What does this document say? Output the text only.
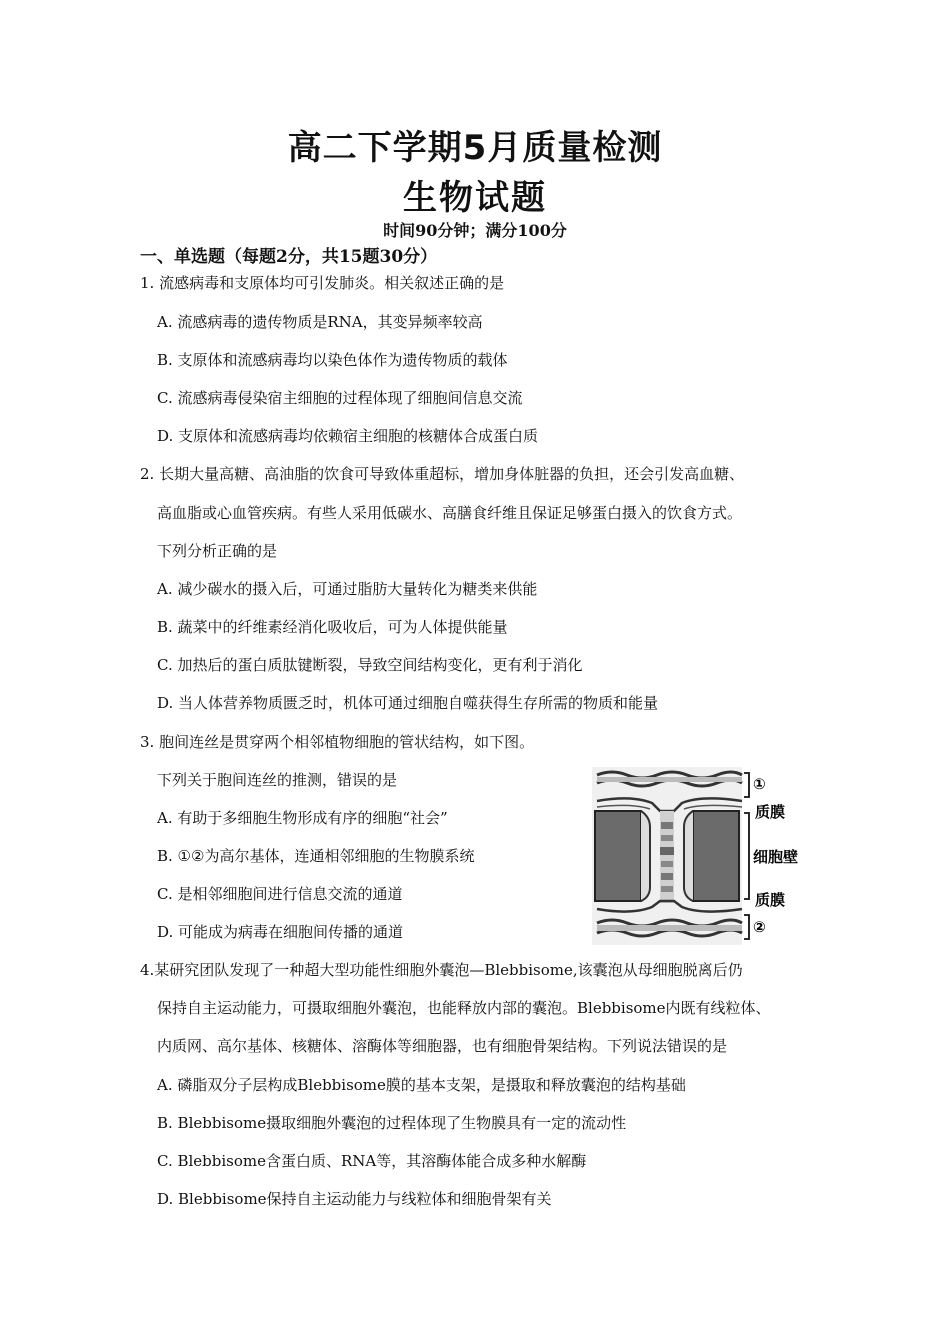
高二下学期5月质量检测
生物试题
时间90分钟；满分100分
一、单选题（每题2分，共15题30分）
1. 流感病毒和支原体均可引发肺炎。相关叙述正确的是
A. 流感病毒的遗传物质是RNA，其变异频率较高
B. 支原体和流感病毒均以染色体作为遗传物质的载体
C. 流感病毒侵染宿主细胞的过程体现了细胞间信息交流
D. 支原体和流感病毒均依赖宿主细胞的核糖体合成蛋白质
2. 长期大量高糖、高油脂的饮食可导致体重超标，增加身体脏器的负担，还会引发高血糖、
高血脂或心血管疾病。有些人采用低碳水、高膳食纤维且保证足够蛋白摄入的饮食方式。
下列分析正确的是
A. 减少碳水的摄入后，可通过脂肪大量转化为糖类来供能
B. 蔬菜中的纤维素经消化吸收后，可为人体提供能量
C. 加热后的蛋白质肽键断裂，导致空间结构变化，更有利于消化
D. 当人体营养物质匮乏时，机体可通过细胞自噬获得生存所需的物质和能量
3. 胞间连丝是贯穿两个相邻植物细胞的管状结构，如下图。
下列关于胞间连丝的推测，错误的是
A. 有助于多细胞生物形成有序的细胞“社会”
B. ①②为高尔基体，连通相邻细胞的生物膜系统
C. 是相邻细胞间进行信息交流的通道
D. 可能成为病毒在细胞间传播的通道
①
质膜
细胞壁
质膜
②
4.某研究团队发现了一种超大型功能性细胞外囊泡—Blebbisome,该囊泡从母细胞脱离后仍
保持自主运动能力，可摄取细胞外囊泡，也能释放内部的囊泡。Blebbisome内既有线粒体、
内质网、高尔基体、核糖体、溶酶体等细胞器，也有细胞骨架结构。下列说法错误的是
A. 磷脂双分子层构成Blebbisome膜的基本支架，是摄取和释放囊泡的结构基础
B. Blebbisome摄取细胞外囊泡的过程体现了生物膜具有一定的流动性
C. Blebbisome含蛋白质、RNA等，其溶酶体能合成多种水解酶
D. Blebbisome保持自主运动能力与线粒体和细胞骨架有关
